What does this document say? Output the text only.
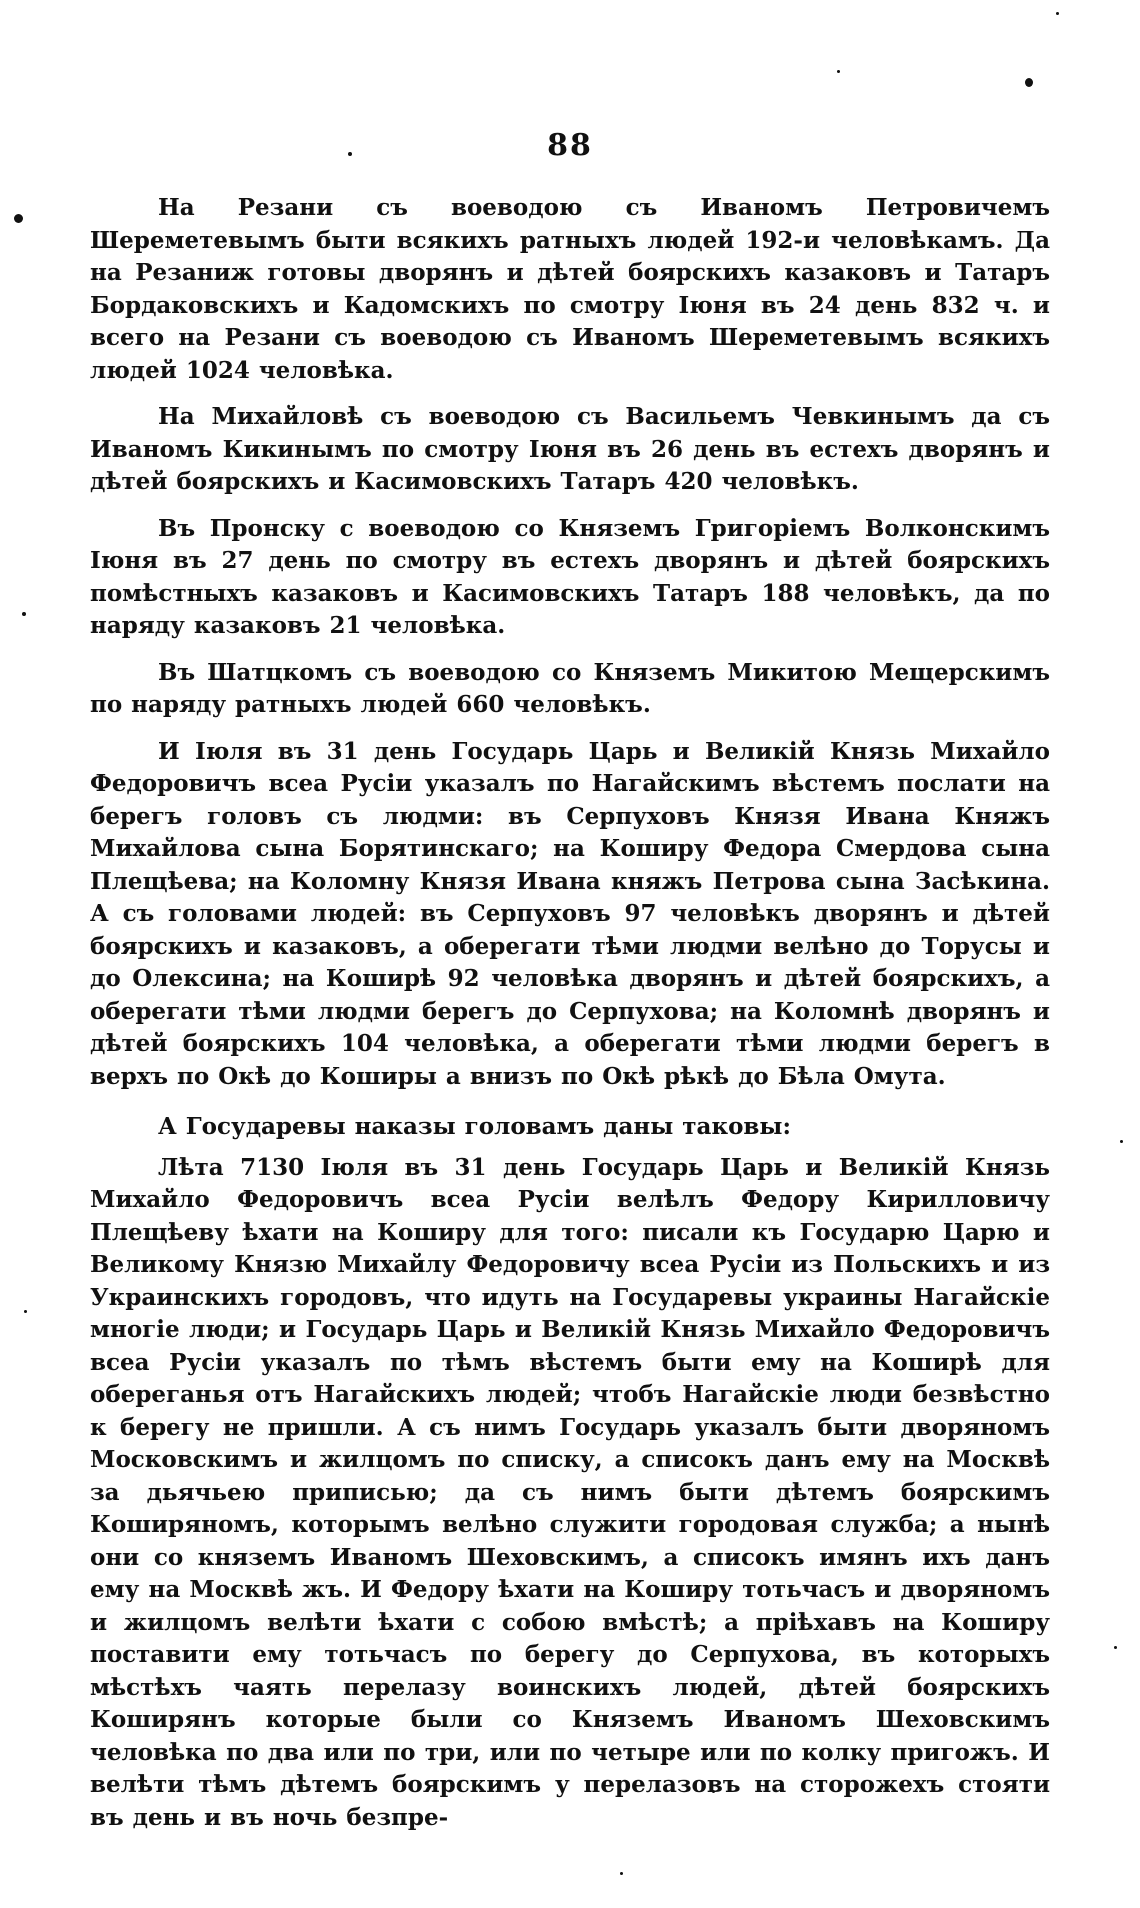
88

На Резани съ воеводою съ Иваномъ Петровичемъ Шереметевымъ быти всякихъ ратныхъ людей 192-и человѣкамъ. Да на Резаниж готовы дворянъ и дѣтей боярскихъ казаковъ и Татаръ Бордаковскихъ и Кадомскихъ по смотру Іюня въ 24 день 832 ч. и всего на Резани съ воеводою съ Иваномъ Шереметевымъ всякихъ людей 1024 человѣка.

На Михайловѣ съ воеводою съ Васильемъ Чевкинымъ да съ Иваномъ Кикинымъ по смотру Іюня въ 26 день въ естехъ дворянъ и дѣтей боярскихъ и Касимовскихъ Татаръ 420 человѣкъ.

Въ Пронску с воеводою со Княземъ Григоріемъ Волконскимъ Іюня въ 27 день по смотру въ естехъ дворянъ и дѣтей боярскихъ помѣстныхъ казаковъ и Касимовскихъ Татаръ 188 человѣкъ, да по наряду казаковъ 21 человѣка.

Въ Шатцкомъ съ воеводою со Княземъ Микитою Мещерскимъ по наряду ратныхъ людей 660 человѣкъ.

И Іюля въ 31 день Государь Царь и Великій Князь Михайло Федоровичъ всеа Русіи указалъ по Нагайскимъ вѣстемъ послати на берегъ головъ съ людми: въ Серпуховъ Князя Ивана Княжъ Михайлова сына Борятинскаго; на Коширу Федора Смердова сына Плещѣева; на Коломну Князя Ивана княжъ Петрова сына Засѣкина. А съ головами людей: въ Серпуховъ 97 человѣкъ дворянъ и дѣтей боярскихъ и казаковъ, а оберегати тѣми людми велѣно до Торусы и до Олексина; на Коширѣ 92 человѣка дворянъ и дѣтей боярскихъ, а оберегати тѣми людми берегъ до Серпухова; на Коломнѣ дворянъ и дѣтей боярскихъ 104 человѣка, а оберегати тѣми людми берегъ в верхъ по Окѣ до Коширы а внизъ по Окѣ рѣкѣ до Бѣла Омута.

А Государевы наказы головамъ даны таковы:

Лѣта 7130 Іюля въ 31 день Государь Царь и Великій Князь Михайло Федоровичъ всеа Русіи велѣлъ Федору Кирилловичу Плещѣеву ѣхати на Коширу для того: писали къ Государю Царю и Великому Князю Михайлу Федоровичу всеа Русіи из Польскихъ и из Украинскихъ городовъ, что идуть на Государевы украины Нагайскіе многіе люди; и Государь Царь и Великій Князь Михайло Федоровичъ всеа Русіи указалъ по тѣмъ вѣстемъ быти ему на Коширѣ для обереганья отъ Нагайскихъ людей; чтобъ Нагайскіе люди безвѣстно к берегу не пришли. А съ нимъ Государь указалъ быти дворяномъ Московскимъ и жилцомъ по списку, а списокъ данъ ему на Москвѣ за дьячьею приписью; да съ нимъ быти дѣтемъ боярскимъ Коширяномъ, которымъ велѣно служити городовая служба; а нынѣ они со княземъ Иваномъ Шеховскимъ, а списокъ имянъ ихъ данъ ему на Москвѣ жъ. И Федору ѣхати на Коширу тотьчасъ и дворяномъ и жилцомъ велѣти ѣхати с собою вмѣстѣ; а пріѣхавъ на Коширу поставити ему тотьчасъ по берегу до Серпухова, въ которыхъ мѣстѣхъ чаять перелазу воинскихъ людей, дѣтей боярскихъ Коширянъ которые были со Княземъ Иваномъ Шеховскимъ человѣка по два или по три, или по четыре или по колку пригожъ. И велѣти тѣмъ дѣтемъ боярскимъ у перелазовъ на сторожехъ стояти въ день и въ ночь безпре-
